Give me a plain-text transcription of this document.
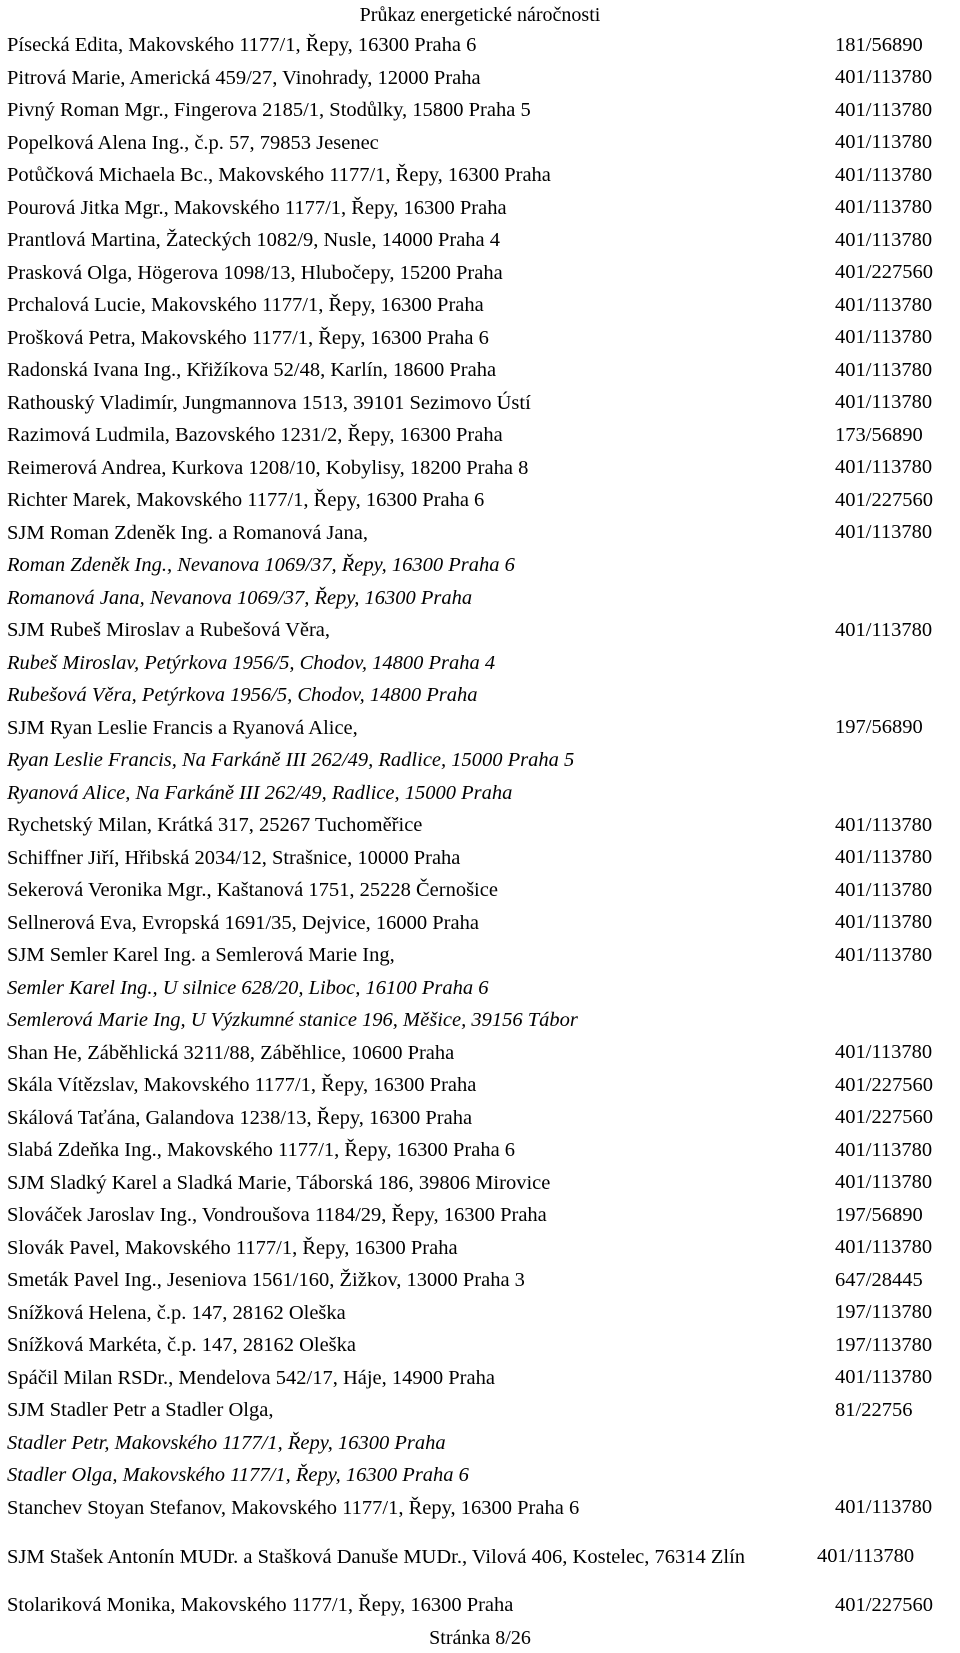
Průkaz energetické náročnosti
Písecká Edita, Makovského 1177/1, Řepy, 16300 Praha 6	181/56890
Pitrová Marie, Americká 459/27, Vinohrady, 12000 Praha	401/113780
Pivný Roman Mgr., Fingerova 2185/1, Stodůlky, 15800 Praha 5	401/113780
Popelková Alena Ing., č.p. 57, 79853 Jesenec	401/113780
Potůčková Michaela Bc., Makovského 1177/1, Řepy, 16300 Praha	401/113780
Pourová Jitka Mgr., Makovského 1177/1, Řepy, 16300 Praha	401/113780
Prantlová Martina, Žateckých 1082/9, Nusle, 14000 Praha 4	401/113780
Prasková Olga, Högerova 1098/13, Hlubočepy, 15200 Praha	401/227560
Prchalová Lucie, Makovského 1177/1, Řepy, 16300 Praha	401/113780
Prošková Petra, Makovského 1177/1, Řepy, 16300 Praha 6	401/113780
Radonská Ivana Ing., Křižíkova 52/48, Karlín, 18600 Praha	401/113780
Rathouský Vladimír, Jungmannova 1513, 39101 Sezimovo Ústí	401/113780
Razimová Ludmila, Bazovského 1231/2, Řepy, 16300 Praha	173/56890
Reimerová Andrea, Kurkova 1208/10, Kobylisy, 18200 Praha 8	401/113780
Richter Marek, Makovského 1177/1, Řepy, 16300 Praha 6	401/227560
SJM Roman Zdeněk Ing. a Romanová Jana,	401/113780
Roman Zdeněk Ing., Nevanova 1069/37, Řepy, 16300 Praha 6
Romanová Jana, Nevanova 1069/37, Řepy, 16300 Praha
SJM Rubeš Miroslav a Rubešová Věra,	401/113780
Rubeš Miroslav, Petýrkova 1956/5, Chodov, 14800 Praha 4
Rubešová Věra, Petýrkova 1956/5, Chodov, 14800 Praha
SJM Ryan Leslie Francis a Ryanová Alice,	197/56890
Ryan Leslie Francis, Na Farkáně III 262/49, Radlice, 15000 Praha 5
Ryanová Alice, Na Farkáně III 262/49, Radlice, 15000 Praha
Rychetský Milan, Krátká 317, 25267 Tuchoměřice	401/113780
Schiffner Jiří, Hřibská 2034/12, Strašnice, 10000 Praha	401/113780
Sekerová Veronika Mgr., Kaštanová 1751, 25228 Černošice	401/113780
Sellnerová Eva, Evropská 1691/35, Dejvice, 16000 Praha	401/113780
SJM Semler Karel Ing. a Semlerová Marie Ing,	401/113780
Semler Karel Ing., U silnice 628/20, Liboc, 16100 Praha 6
Semlerová Marie Ing, U Výzkumné stanice 196, Měšice, 39156 Tábor
Shan He, Záběhlická 3211/88, Záběhlice, 10600 Praha	401/113780
Skála Vítězslav, Makovského 1177/1, Řepy, 16300 Praha	401/227560
Skálová Taťána, Galandova 1238/13, Řepy, 16300 Praha	401/227560
Slabá Zdeňka Ing., Makovského 1177/1, Řepy, 16300 Praha 6	401/113780
SJM Sladký Karel a Sladká Marie, Táborská 186, 39806 Mirovice	401/113780
Slováček Jaroslav Ing., Vondroušova 1184/29, Řepy, 16300 Praha	197/56890
Slovák Pavel, Makovského 1177/1, Řepy, 16300 Praha	401/113780
Smeták Pavel Ing., Jeseniova 1561/160, Žižkov, 13000 Praha 3	647/28445
Snížková Helena, č.p. 147, 28162 Oleška	197/113780
Snížková Markéta, č.p. 147, 28162 Oleška	197/113780
Spáčil Milan RSDr., Mendelova 542/17, Háje, 14900 Praha	401/113780
SJM Stadler Petr a Stadler Olga,	81/22756
Stadler Petr, Makovského 1177/1, Řepy, 16300 Praha
Stadler Olga, Makovského 1177/1, Řepy, 16300 Praha 6
Stanchev Stoyan Stefanov, Makovského 1177/1, Řepy, 16300 Praha 6	401/113780
SJM Stašek Antonín MUDr. a Stašková Danuše MUDr., Vilová 406, Kostelec, 76314 Zlín	401/113780
Stolariková Monika, Makovského 1177/1, Řepy, 16300 Praha	401/227560
Stránka 8/26
